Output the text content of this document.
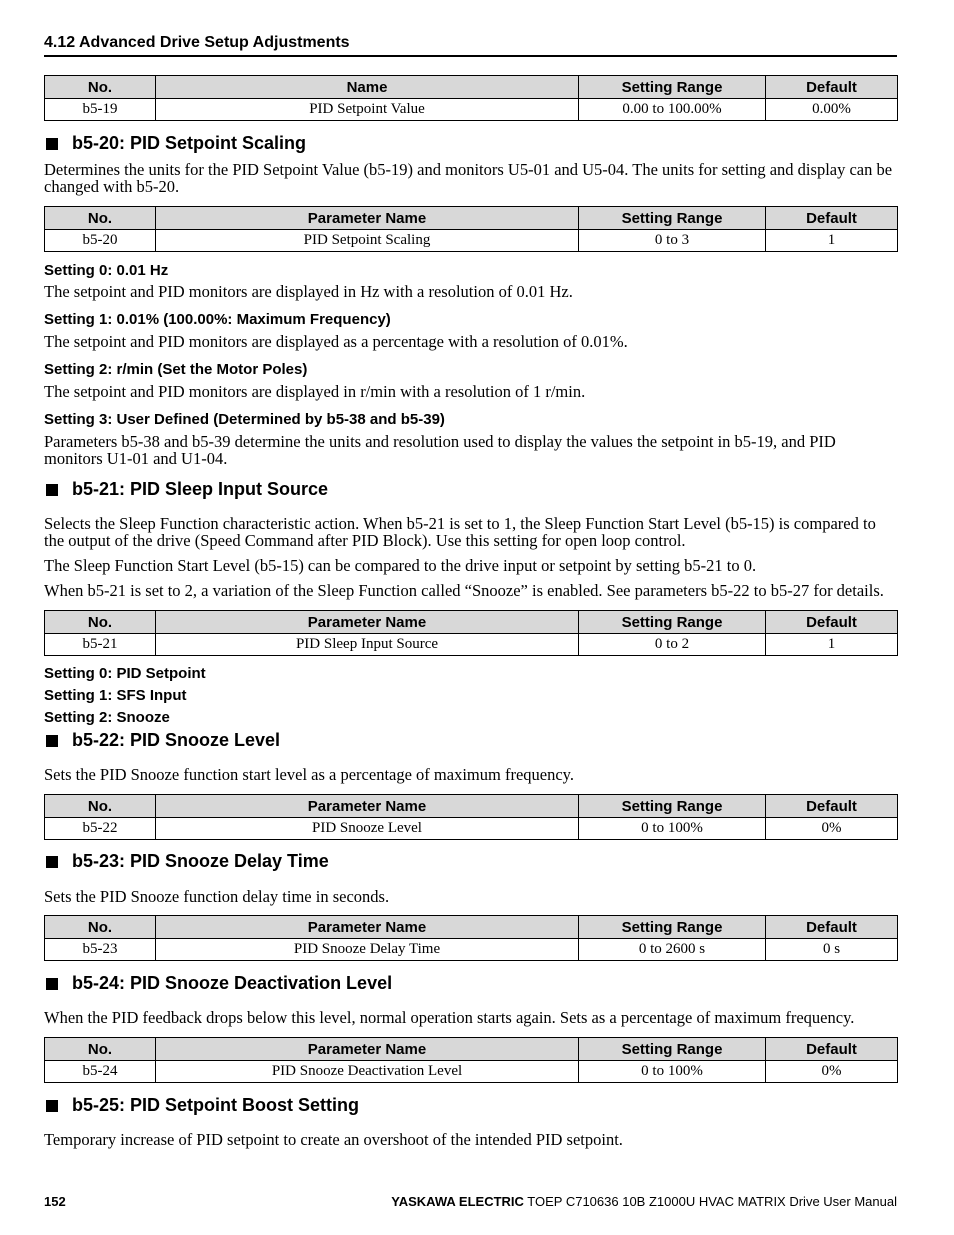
4.12 Advanced Drive Setup Adjustments
No.	Name	Setting Range	Default
b5-19	PID Setpoint Value	0.00 to 100.00%	0.00%
b5-20: PID Setpoint Scaling

Determines the units for the PID Setpoint Value (b5-19) and monitors U5-01 and U5-04. The units for setting and display can be changed with b5-20.

No.	Parameter Name	Setting Range	Default
b5-20	PID Setpoint Scaling	0 to 3	1
Setting 0: 0.01 Hz

The setpoint and PID monitors are displayed in Hz with a resolution of 0.01 Hz.

Setting 1: 0.01% (100.00%: Maximum Frequency)

The setpoint and PID monitors are displayed as a percentage with a resolution of 0.01%.

Setting 2: r/min (Set the Motor Poles)

The setpoint and PID monitors are displayed in r/min with a resolution of 1 r/min.

Setting 3: User Defined (Determined by b5-38 and b5-39)

Parameters b5-38 and b5-39 determine the units and resolution used to display the values the setpoint in b5-19, and PID monitors U1-01 and U1-04.

b5-21: PID Sleep Input Source

Selects the Sleep Function characteristic action. When b5-21 is set to 1, the Sleep Function Start Level (b5-15) is compared to the output of the drive (Speed Command after PID Block). Use this setting for open loop control.

The Sleep Function Start Level (b5-15) can be compared to the drive input or setpoint by setting b5-21 to 0.

When b5-21 is set to 2, a variation of the Sleep Function called “Snooze” is enabled. See parameters b5-22 to b5-27 for details.

No.	Parameter Name	Setting Range	Default
b5-21	PID Sleep Input Source	0 to 2	1
Setting 0: PID Setpoint
Setting 1: SFS Input
Setting 2: Snooze
b5-22: PID Snooze Level

Sets the PID Snooze function start level as a percentage of maximum frequency.

No.	Parameter Name	Setting Range	Default
b5-22	PID Snooze Level	0 to 100%	0%
b5-23: PID Snooze Delay Time

Sets the PID Snooze function delay time in seconds.

No.	Parameter Name	Setting Range	Default
b5-23	PID Snooze Delay Time	0 to 2600 s	0 s
b5-24: PID Snooze Deactivation Level

When the PID feedback drops below this level, normal operation starts again. Sets as a percentage of maximum frequency.

No.	Parameter Name	Setting Range	Default
b5-24	PID Snooze Deactivation Level	0 to 100%	0%
b5-25: PID Setpoint Boost Setting

Temporary increase of PID setpoint to create an overshoot of the intended PID setpoint.

152	YASKAWA ELECTRIC TOEP C710636 10B Z1000U HVAC MATRIX Drive User Manual
